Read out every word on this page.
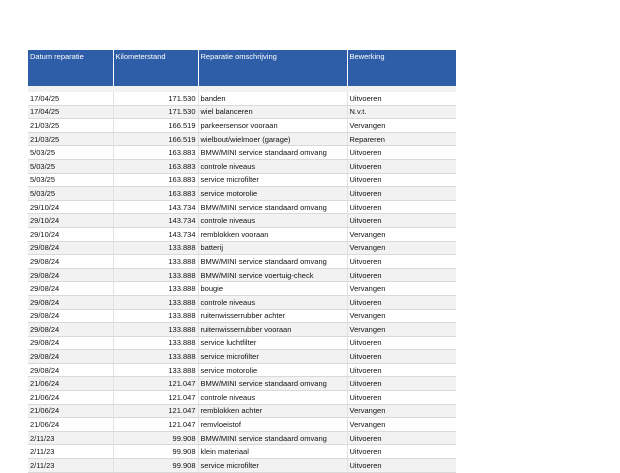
Datum reparatie	Kilometerstand	Reparatie omschrijving	Bewerking

17/04/25	171.530	banden	Uitvoeren
17/04/25	171.530	wiel balanceren	N.v.t.
21/03/25	166.519	parkeersensor vooraan	Vervangen
21/03/25	166.519	wielbout/wielmoer (garage)	Repareren
5/03/25	163.883	BMW/MINI service standaard omvang	Uitvoeren
5/03/25	163.883	controle niveaus	Uitvoeren
5/03/25	163.883	service microfilter	Uitvoeren
5/03/25	163.883	service motorolie	Uitvoeren
29/10/24	143.734	BMW/MINI service standaard omvang	Uitvoeren
29/10/24	143.734	controle niveaus	Uitvoeren
29/10/24	143.734	remblokken vooraan	Vervangen
29/08/24	133.888	batterij	Vervangen
29/08/24	133.888	BMW/MINI service standaard omvang	Uitvoeren
29/08/24	133.888	BMW/MINI service voertuig-check	Uitvoeren
29/08/24	133.888	bougie	Vervangen
29/08/24	133.888	controle niveaus	Uitvoeren
29/08/24	133.888	ruitenwisserrubber achter	Vervangen
29/08/24	133.888	ruitenwisserrubber vooraan	Vervangen
29/08/24	133.888	service luchtfilter	Uitvoeren
29/08/24	133.888	service microfilter	Uitvoeren
29/08/24	133.888	service motorolie	Uitvoeren
21/06/24	121.047	BMW/MINI service standaard omvang	Uitvoeren
21/06/24	121.047	controle niveaus	Uitvoeren
21/06/24	121.047	remblokken achter	Vervangen
21/06/24	121.047	remvloeistof	Vervangen
2/11/23	99.908	BMW/MINI service standaard omvang	Uitvoeren
2/11/23	99.908	klein materiaal	Uitvoeren
2/11/23	99.908	service microfilter	Uitvoeren
